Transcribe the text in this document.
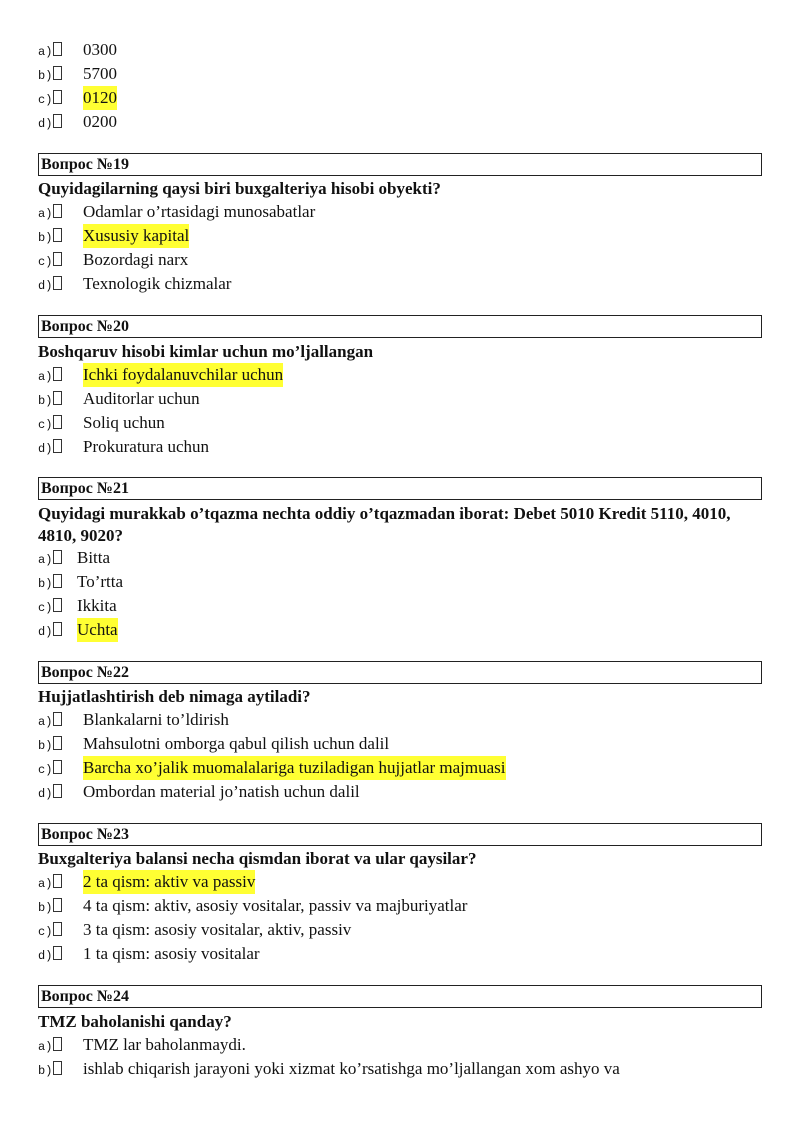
a) 0300
b) 5700
c) 0120
d) 0200
Вопрос №19
Quyidagilarning qaysi biri buxgalteriya hisobi obyekti?
a) Odamlar o’rtasidagi munosabatlar
b) Xususiy kapital
c) Bozordagi narx
d) Texnologik chizmalar
Вопрос №20
Boshqaruv hisobi kimlar uchun mo’ljallangan
a) Ichki foydalanuvchilar uchun
b) Auditorlar uchun
c) Soliq uchun
d) Prokuratura uchun
Вопрос №21
Quyidagi murakkab o’tqazma nechta oddiy o’tqazmadan iborat: Debet 5010 Kredit 5110, 4010, 4810, 9020?
a) Bitta
b) To’rtta
c) Ikkita
d) Uchta
Вопрос №22
Hujjatlashtirish deb nimaga aytiladi?
a) Blankalarni to’ldirish
b) Mahsulotni omborga qabul qilish uchun dalil
c) Barcha xo’jalik muomalalariga tuziladigan hujjatlar majmuasi
d) Ombordan material jo’natish uchun dalil
Вопрос №23
Buxgalteriya balansi necha qismdan iborat va ular qaysilar?
a) 2 ta qism: aktiv va passiv
b) 4 ta qism: aktiv, asosiy vositalar, passiv va majburiyatlar
c) 3 ta qism: asosiy vositalar, aktiv, passiv
d) 1 ta qism: asosiy vositalar
Вопрос №24
TMZ baholanishi qanday?
a) TMZ lar baholanmaydi.
b) ishlab chiqarish jarayoni yoki xizmat ko’rsatishga mo’ljallangan xom ashyo va
